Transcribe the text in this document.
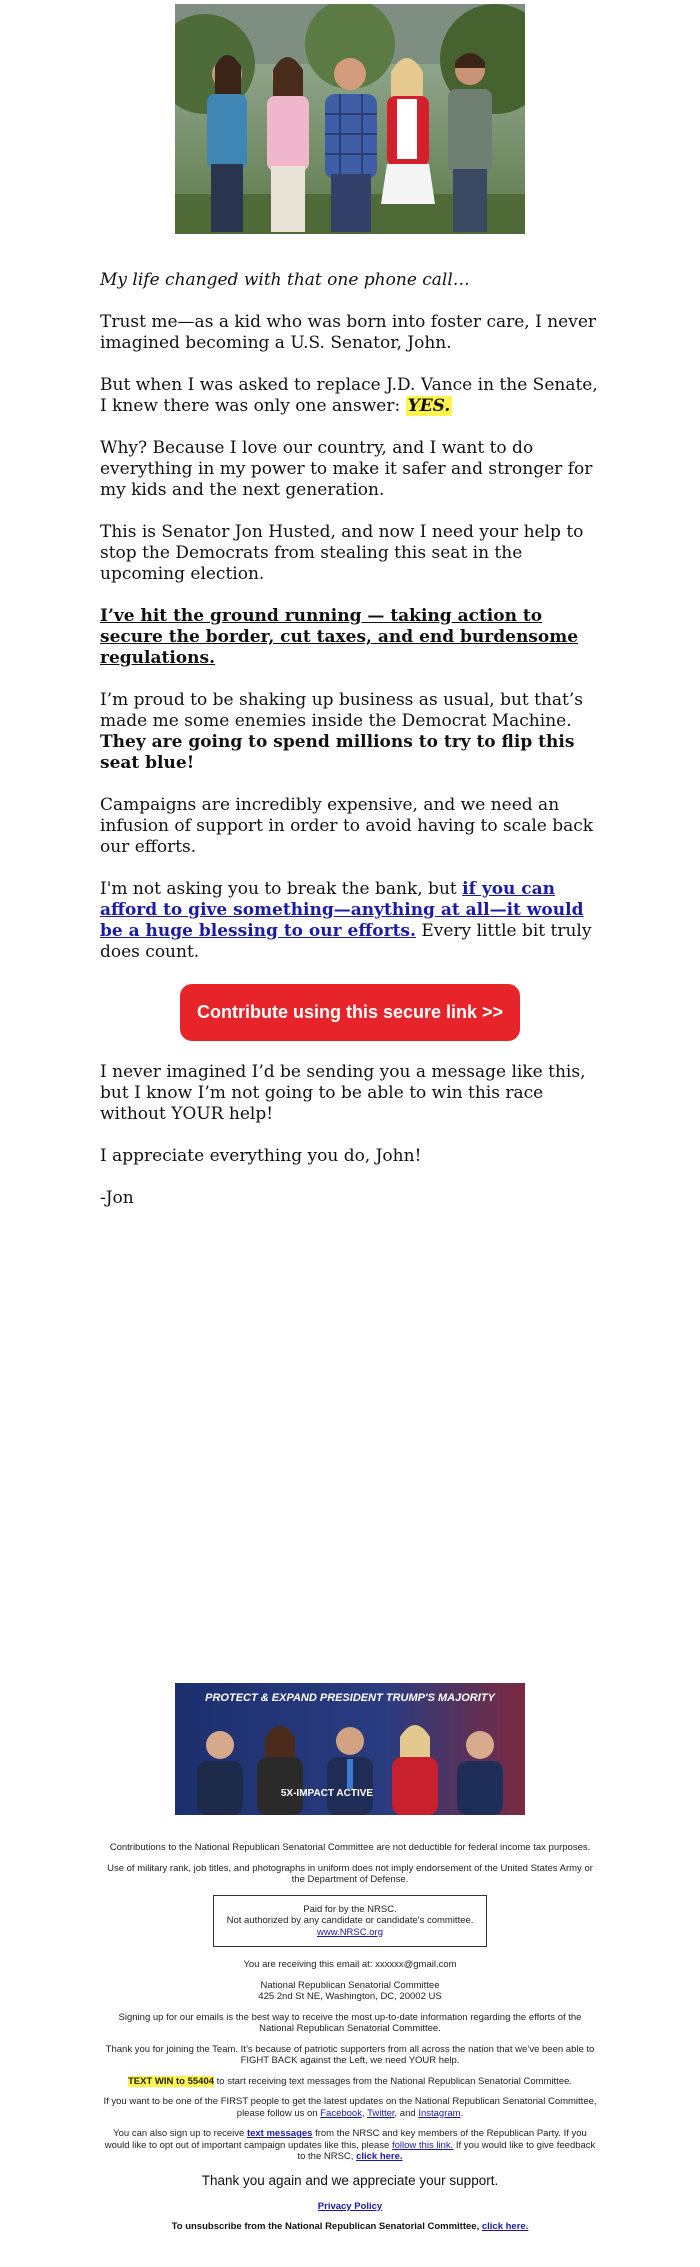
My life changed with that one phone call…

Trust me—as a kid who was born into foster care, I never imagined becoming a U.S. Senator, John.

But when I was asked to replace J.D. Vance in the Senate, I knew there was only one answer: YES.

Why? Because I love our country, and I want to do everything in my power to make it safer and stronger for my kids and the next generation.

This is Senator Jon Husted, and now I need your help to stop the Democrats from stealing this seat in the upcoming election.

I’ve hit the ground running — taking action to secure the border, cut taxes, and end burdensome regulations.

I’m proud to be shaking up business as usual, but that’s made me some enemies inside the Democrat Machine. They are going to spend millions to try to flip this seat blue!

Campaigns are incredibly expensive, and we need an infusion of support in order to avoid having to scale back our efforts.

I'm not asking you to break the bank, but if you can afford to give something—anything at all—it would be a huge blessing to our efforts. Every little bit truly does count.

Contribute using this secure link >>

I never imagined I’d be sending you a message like this, but I know I’m not going to be able to win this race without YOUR help!

I appreciate everything you do, John!

-Jon

PROTECT & EXPAND PRESIDENT TRUMP'S MAJORITY
5X-IMPACT ACTIVE

Contributions to the National Republican Senatorial Committee are not deductible for federal income tax purposes.

Use of military rank, job titles, and photographs in uniform does not imply endorsement of the United States Army or the Department of Defense.

Paid for by the NRSC.
Not authorized by any candidate or candidate's committee.
www.NRSC.org

You are receiving this email at: xxxxxx@gmail.com

National Republican Senatorial Committee
425 2nd St NE, Washington, DC, 20002 US

Signing up for our emails is the best way to receive the most up-to-date information regarding the efforts of the National Republican Senatorial Committee.

Thank you for joining the Team. It’s because of patriotic supporters from all across the nation that we’ve been able to FIGHT BACK against the Left, we need YOUR help.

TEXT WIN to 55404 to start receiving text messages from the National Republican Senatorial Committee.

If you want to be one of the FIRST people to get the latest updates on the National Republican Senatorial Committee, please follow us on Facebook, Twitter, and Instagram.

You can also sign up to receive text messages from the NRSC and key members of the Republican Party. If you would like to opt out of important campaign updates like this, please follow this link. If you would like to give feedback to the NRSC, click here.

Thank you again and we appreciate your support.

Privacy Policy

To unsubscribe from the National Republican Senatorial Committee, click here.
